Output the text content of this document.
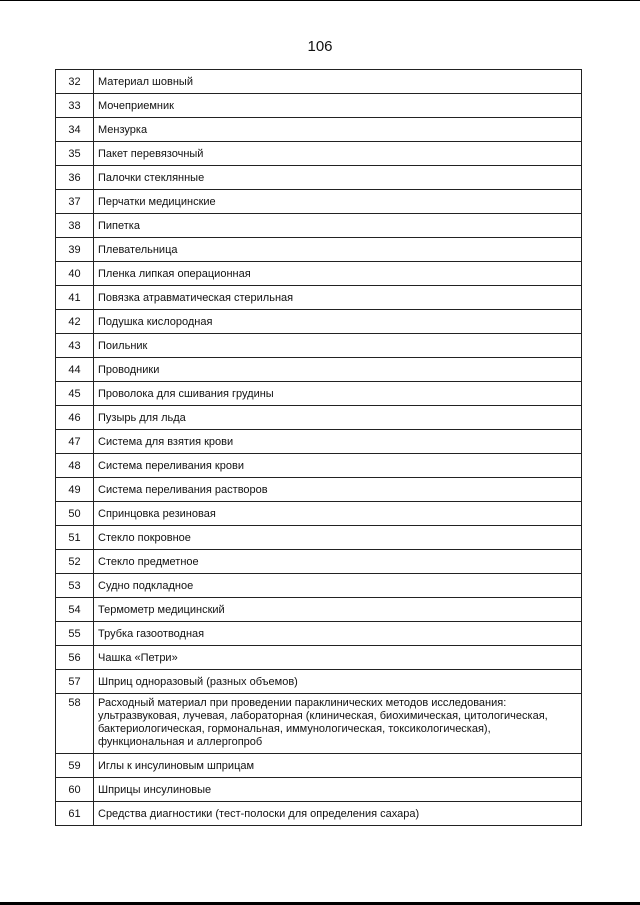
106
32	Материал шовный
33	Мочеприемник
34	Мензурка
35	Пакет перевязочный
36	Палочки стеклянные
37	Перчатки медицинские
38	Пипетка
39	Плевательница
40	Пленка липкая операционная
41	Повязка атравматическая стерильная
42	Подушка кислородная
43	Поильник
44	Проводники
45	Проволока для сшивания грудины
46	Пузырь для льда
47	Система для взятия крови
48	Система переливания крови
49	Система переливания растворов
50	Спринцовка резиновая
51	Стекло покровное
52	Стекло предметное
53	Судно подкладное
54	Термометр медицинский
55	Трубка газоотводная
56	Чашка «Петри»
57	Шприц одноразовый (разных объемов)
58	Расходный материал при проведении параклинических методов исследования: ультразвуковая, лучевая, лабораторная (клиническая, биохимическая, цитологическая, бактериологическая, гормональная, иммунологическая, токсикологическая), функциональная и аллергопроб
59	Иглы к инсулиновым шприцам
60	Шприцы инсулиновые
61	Средства диагностики (тест-полоски для определения сахара)
